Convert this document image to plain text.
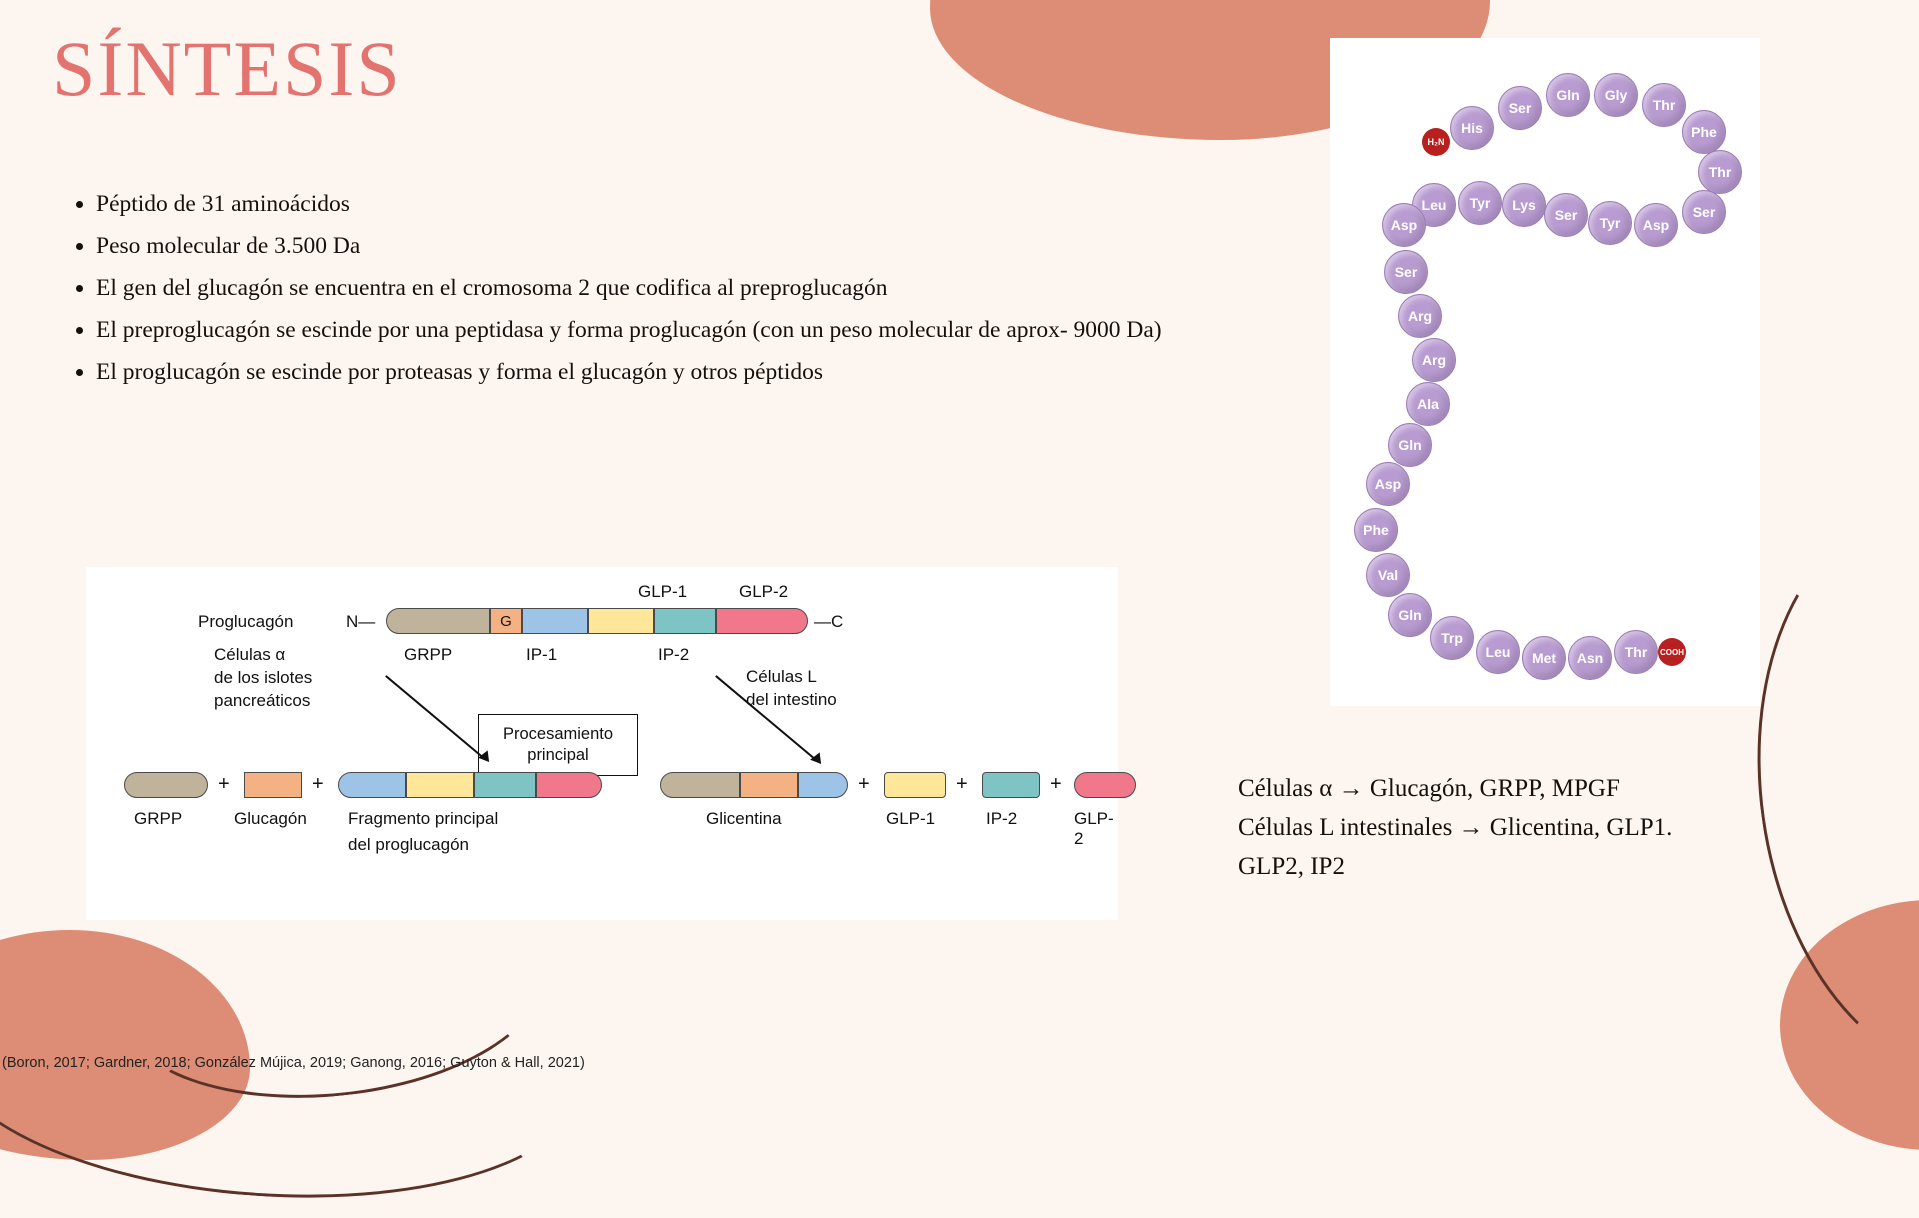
SÍNTESIS
• Péptido de 31 aminoácidos
• Peso molecular de 3.500 Da
• El gen del glucagón se encuentra en el cromosoma 2 que codifica al preproglucagón
• El preproglucagón se escinde por una peptidasa y forma proglucagón (con un peso molecular de aprox- 9000 Da)
• El proglucagón se escinde por proteasas y forma el glucagón y otros péptidos
Proglucagón	N—	—C
GLP-1	GLP-2
G
GRPP	IP-1	IP-2
Células α
de los islotes
pancreáticos
Células L
del intestino
Procesamiento
principal
+	+
GRPP	Glucagón Fragmento principal
del proglucagón
+	+	+
Glicentina	GLP-1	IP-2	GLP-2
H₂N
His
Ser
Gln	Gly
Thr
Phe
Thr
Ser
Asp
Tyr
Ser
Lys
Tyr
Leu
Asp
Ser
Arg
Arg
Ala
Gln
Asp
Phe
Val
Gln
Trp
Leu	Met	Asn	Thr	COOH
Células α → Glucagón, GRPP, MPGF
Células L intestinales → Glicentina, GLP1.
GLP2, IP2
(Boron, 2017; Gardner, 2018; González Mújica, 2019; Ganong, 2016; Guyton & Hall, 2021)
